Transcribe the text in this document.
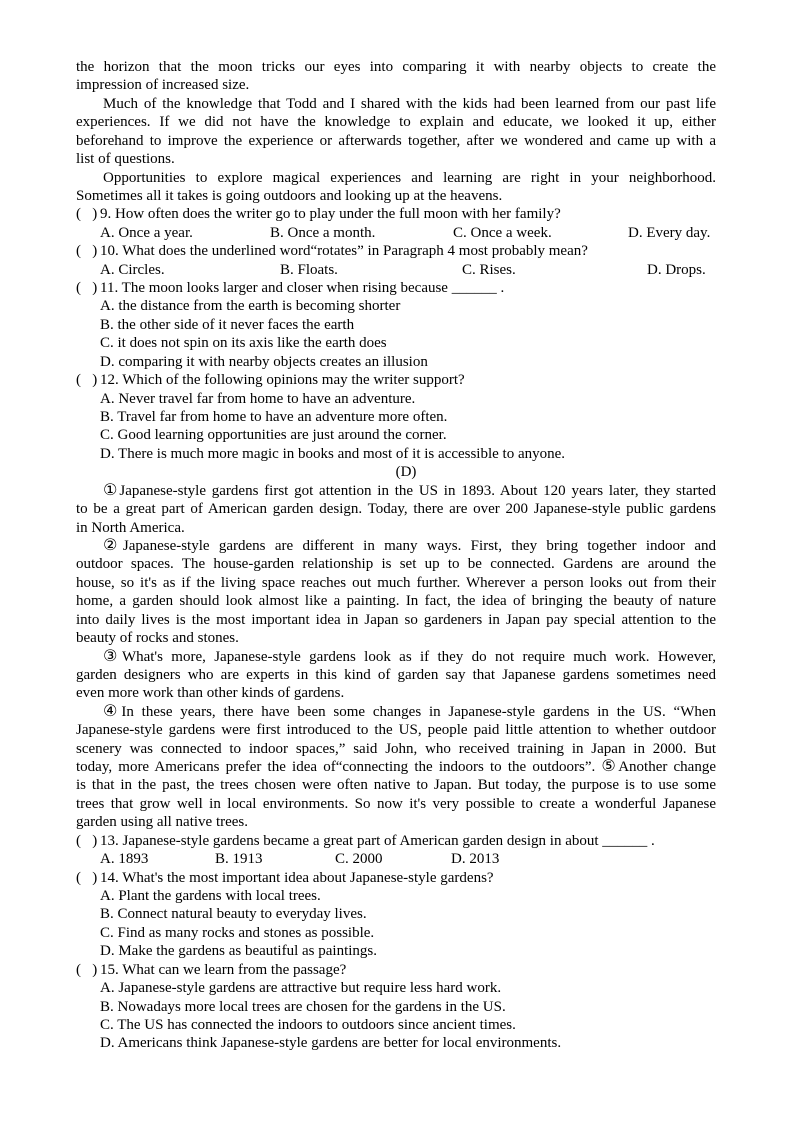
the horizon that the moon tricks our eyes into comparing it with nearby objects to create the
impression of increased size.
Much of the knowledge that Todd and I shared with the kids had been learned from our past life
experiences. If we did not have the knowledge to explain and educate, we looked it up, either
beforehand to improve the experience or afterwards together, after we wondered and came up with a
list of questions.
Opportunities to explore magical experiences and learning are right in your neighborhood.
Sometimes all it takes is going outdoors and looking up at the heavens.
(   ) 9. How often does the writer go to play under the full moon with her family?
A. Once a year.	B. Once a month.	C. Once a week.	D. Every day.
(   ) 10. What does the underlined word“rotates” in Paragraph 4 most probably mean?
A. Circles.	B. Floats.	C. Rises.	D. Drops.
(   ) 11. The moon looks larger and closer when rising because ______ .
A. the distance from the earth is becoming shorter
B. the other side of it never faces the earth
C. it does not spin on its axis like the earth does
D. comparing it with nearby objects creates an illusion
(   ) 12. Which of the following opinions may the writer support?
A. Never travel far from home to have an adventure.
B. Travel far from home to have an adventure more often.
C. Good learning opportunities are just around the corner.
D. There is much more magic in books and most of it is accessible to anyone.
(D)
①Japanese-style gardens first got attention in the US in 1893. About 120 years later, they started
to be a great part of American garden design. Today, there are over 200 Japanese-style public gardens
in North America.
②Japanese-style gardens are different in many ways. First, they bring together indoor and
outdoor spaces. The house-garden relationship is set up to be connected. Gardens are around the
house, so it's as if the living space reaches out much further. Wherever a person looks out from their
home, a garden should look almost like a painting. In fact, the idea of bringing the beauty of nature
into daily lives is the most important idea in Japan so gardeners in Japan pay special attention to the
beauty of rocks and stones.
③What's more, Japanese-style gardens look as if they do not require much work. However,
garden designers who are experts in this kind of garden say that Japanese gardens sometimes need
even more work than other kinds of gardens.
④In these years, there have been some changes in Japanese-style gardens in the US. “When
Japanese-style gardens were first introduced to the US, people paid little attention to whether outdoor
scenery was connected to indoor spaces,” said John, who received training in Japan in 2000. But
today, more Americans prefer the idea of“connecting the indoors to the outdoors”. ⑤Another change
is that in the past, the trees chosen were often native to Japan. But today, the purpose is to use some
trees that grow well in local environments. So now it's very possible to create a wonderful Japanese
garden using all native trees.
(   ) 13. Japanese-style gardens became a great part of American garden design in about ______ .
A. 1893	B. 1913	C. 2000	D. 2013
(   ) 14. What's the most important idea about Japanese-style gardens?
A. Plant the gardens with local trees.
B. Connect natural beauty to everyday lives.
C. Find as many rocks and stones as possible.
D. Make the gardens as beautiful as paintings.
(   ) 15. What can we learn from the passage?
A. Japanese-style gardens are attractive but require less hard work.
B. Nowadays more local trees are chosen for the gardens in the US.
C. The US has connected the indoors to outdoors since ancient times.
D. Americans think Japanese-style gardens are better for local environments.
